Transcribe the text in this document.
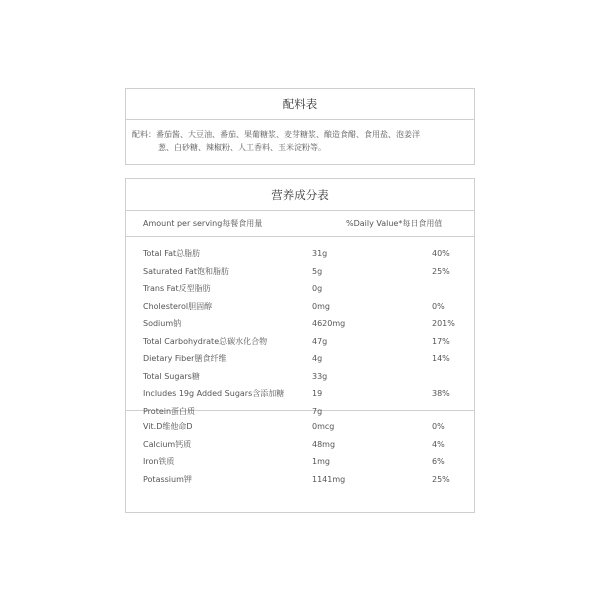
配料表
配料：番茄酱、大豆油、番茄、果葡糖浆、麦芽糖浆、酿造食醋、食用盐、泡姜洋
葱、白砂糖、辣椒粉、人工香料、玉米淀粉等。
营养成分表
Amount per serving每餐食用量	%Daily Value*每日食用值
Total Fat总脂肪	31g	40%
Saturated Fat饱和脂肪	5g	25%
Trans Fat反型脂肪	0g
Cholesterol胆固醇	0mg	0%
Sodium钠	4620mg	201%
Total Carbohydrate总碳水化合物	47g	17%
Dietary Fiber膳食纤维	4g	14%
Total Sugars糖	33g
Includes 19g Added Sugars含添加糖	19	38%
Protein蛋白质	7g
Vit.D维他命D	0mcg	0%
Calcium钙质	48mg	4%
Iron铁质	1mg	6%
Potassium钾	1141mg	25%
